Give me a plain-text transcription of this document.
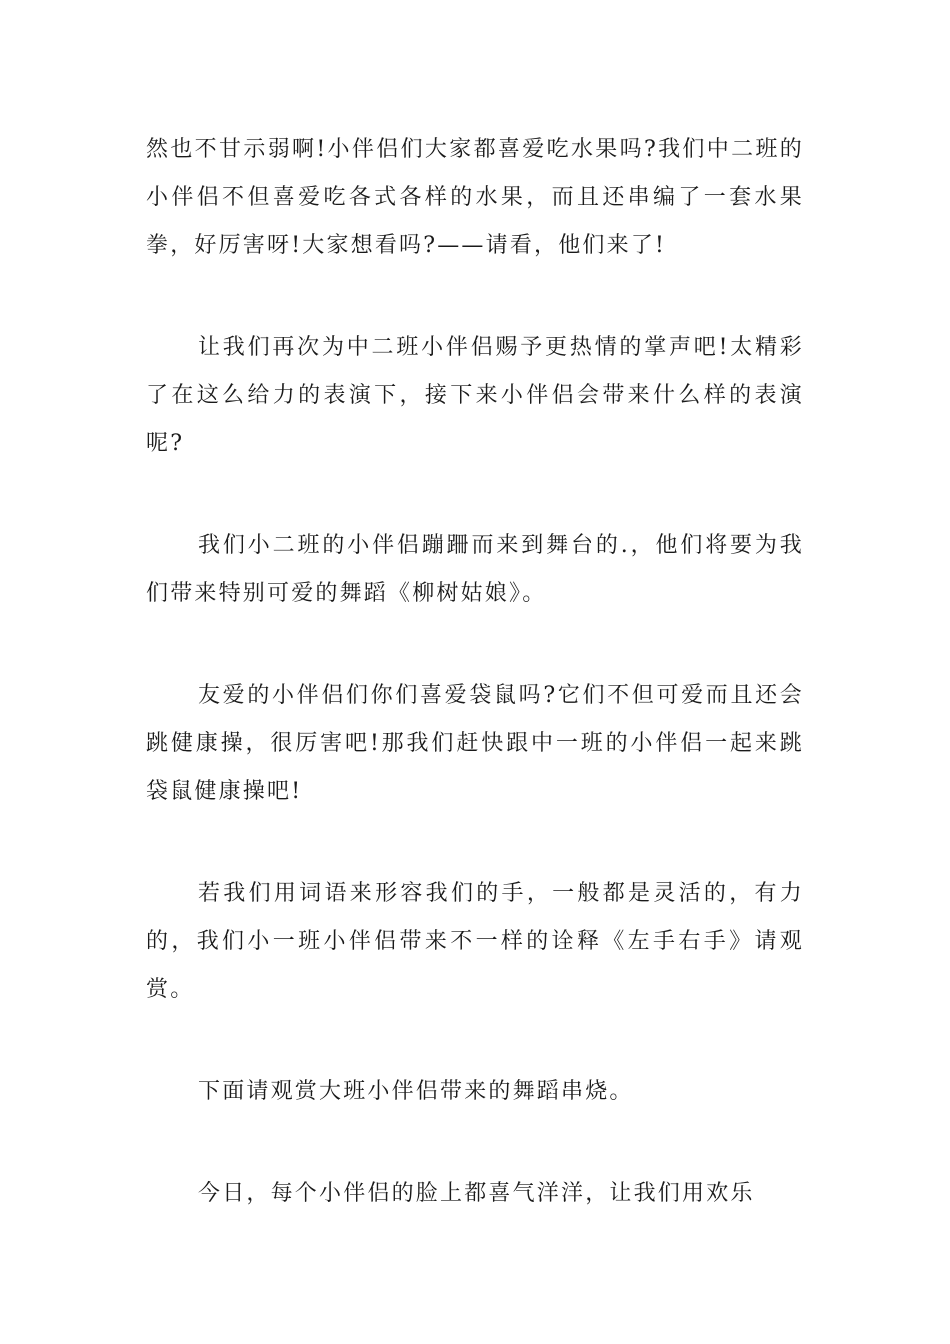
然也不甘示弱啊!小伴侣们大家都喜爱吃水果吗?我们中二班的小伴侣不但喜爱吃各式各样的水果，而且还串编了一套水果拳，好厉害呀!大家想看吗?——请看，他们来了!

让我们再次为中二班小伴侣赐予更热情的掌声吧!太精彩了在这么给力的表演下，接下来小伴侣会带来什么样的表演呢?

我们小二班的小伴侣蹦跚而来到舞台的.，他们将要为我们带来特别可爱的舞蹈《柳树姑娘》。

友爱的小伴侣们你们喜爱袋鼠吗?它们不但可爱而且还会跳健康操，很厉害吧!那我们赶快跟中一班的小伴侣一起来跳袋鼠健康操吧!

若我们用词语来形容我们的手，一般都是灵活的，有力的，我们小一班小伴侣带来不一样的诠释《左手右手》请观赏。

下面请观赏大班小伴侣带来的舞蹈串烧。

今日，每个小伴侣的脸上都喜气洋洋，让我们用欢乐
